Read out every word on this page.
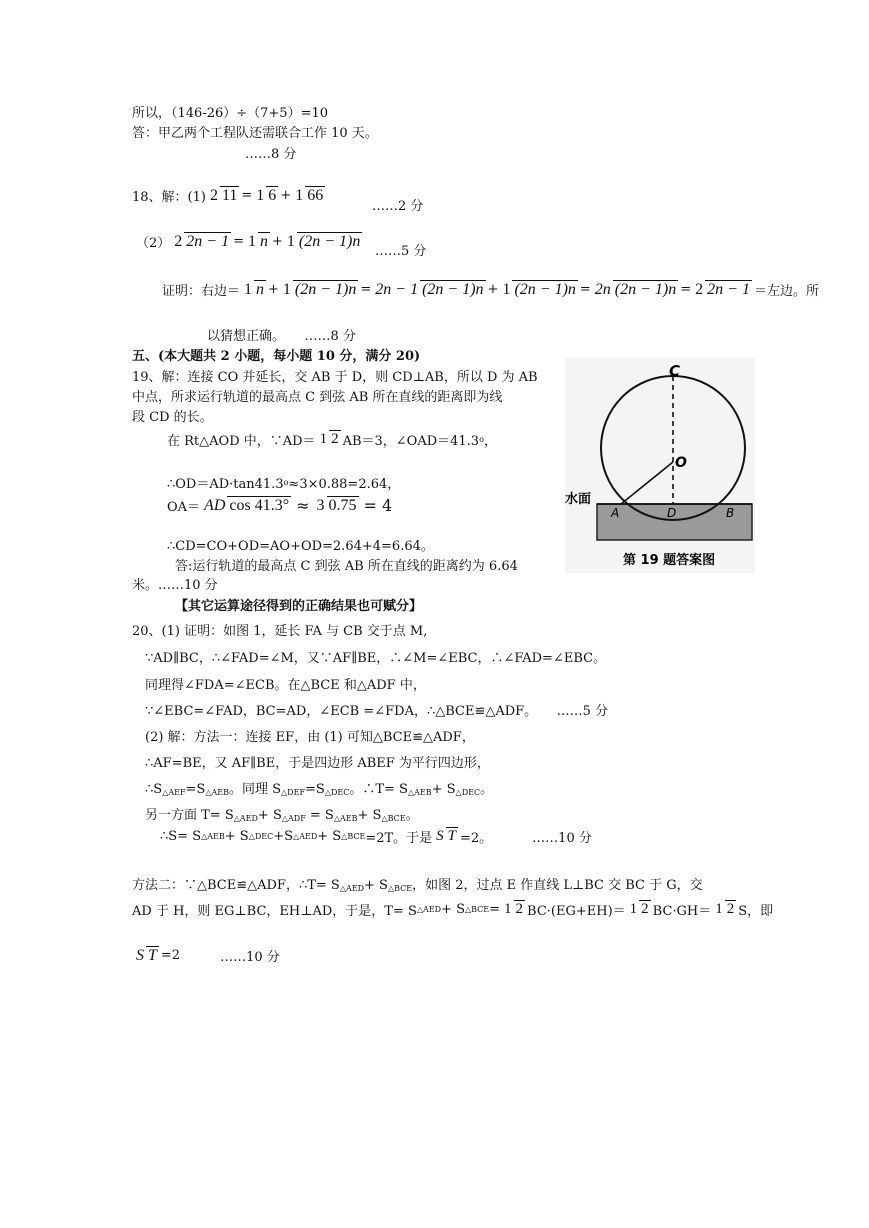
所以，（146-26）÷（7+5）=10
答：甲乙两个工程队还需联合工作 10 天。
……8 分
18、解：(1) 2 11 = 1 6 + 1 66
……2 分
（2） 2 2n − 1 = 1 n + 1 (2n − 1)n
……5 分
证明：右边＝ 1 n + 1 (2n − 1)n = 2n − 1 (2n − 1)n + 1 (2n − 1)n = 2n (2n − 1)n = 2 2n − 1 ＝左边。所
以猜想正确。　　……8 分
五、(本大题共 2 小题，每小题 10 分，满分 20)
19、解：连接 CO 并延长，交 AB 于 D，则 CD⊥AB，所以 D 为 AB
中点，所求运行轨道的最高点 C 到弦 AB 所在直线的距离即为线
段 CD 的长。
在 Rt△AOD 中，∵AD＝ 1 2 AB＝3，∠OAD＝41.3 o ，
∴OD＝AD·tan41.3 o ≈3×0.88=2.64，
OA＝ AD cos 41.3° ≈ 3 0.75 = 4
∴CD=CO+OD=AO+OD=2.64+4=6.64。
答:运行轨道的最高点 C 到弦 AB 所在直线的距离约为 6.64
米。……10 分
【其它运算途径得到的正确结果也可赋分】
C
O
A	D	B
水面
第 19 题答案图
20、(1) 证明：如图 1，延长 FA 与 CB 交于点 M,
∵AD∥BC，∴∠FAD=∠M，又∵AF∥BE，∴∠M=∠EBC，∴∠FAD=∠EBC。
同理得∠FDA=∠ECB。在△BCE 和△ADF 中，
∵∠EBC=∠FAD，BC=AD，∠ECB =∠FDA，∴△BCE≌△ADF。　　……5 分
(2) 解：方法一：连接 EF，由 (1) 可知△BCE≌△ADF，
∴AF=BE，又 AF∥BE，于是四边形 ABEF 为平行四边形，
$\therefore S_{\triangle AEF}=S_{\triangle AEB}$。同理 $S_{\triangle DEF}=S_{\triangle DEC}$。∴T= $S_{\triangle AEB}+ S_{\triangle DEC}$。
另一方面 $T= S_{\triangle AED}+ S_{\triangle ADF} = S_{\triangle AEB}+ S_{\triangle BCE}$。
∴S= S △AEB + S △DEC +S △AED + S △BCE =2T。于是 S T =2。	……10 分
方法二：∵△BCE≌△ADF，∴T= $S_{\triangle AED}+ S_{\triangle BCE}$，如图 2，过点 E 作直线 L⊥BC 交 BC 于 G，交
AD 于 H，则 EG⊥BC，EH⊥AD，于是，T= S △AED + S △BCE = 1 2 BC·(EG+EH)＝ 1 2 BC·GH＝ 1 2 S，即
S T =2	……10 分
